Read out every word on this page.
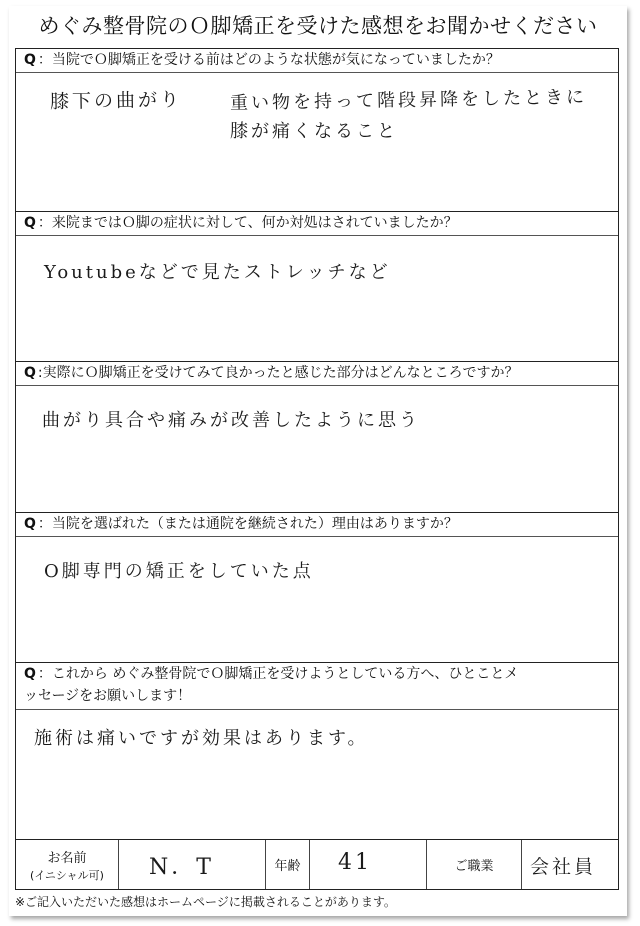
めぐみ整骨院のＯ脚矯正を受けた感想をお聞かせください
Q ：当院でＯ脚矯正を受ける前はどのような状態が気になっていましたか？
膝下の曲がり	重い物を持って階段昇降をしたときに
膝が痛くなること
Q ：来院まではＯ脚の症状に対して、何か対処はされていましたか？
Youtubeなどで見たストレッチなど
Q :実際にＯ脚矯正を受けてみて良かったと感じた部分はどんなところですか？
曲がり具合や痛みが改善したように思う
Q ：当院を選ばれた（または通院を継続された）理由はありますか？
O脚専門の矯正をしていた点
Q ：これから めぐみ整骨院でＯ脚矯正を受けようとしている方へ、ひとことメ
ッセージをお願いします！
施術は痛いですが効果はあります。
お名前
(イニシャル可)	N．T	年齢	41	ご職業	会社員
※ご記入いただいた感想はホームページに掲載されることがあります。
